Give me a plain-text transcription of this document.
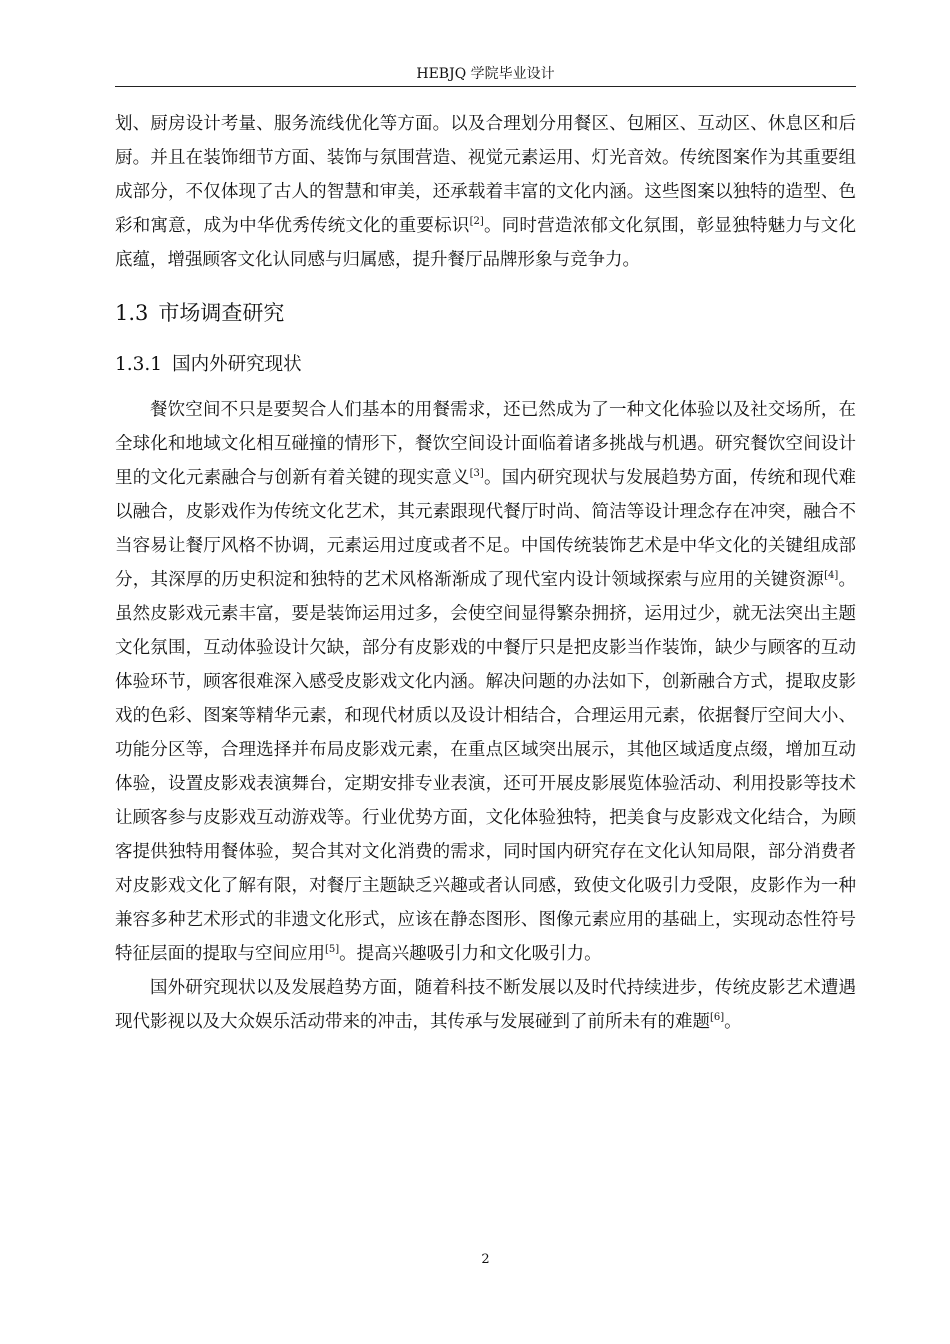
HEBJQ 学院毕业设计

划、厨房设计考量、服务流线优化等方面。以及合理划分用餐区、包厢区、互动区、休息区和后厨。并且在装饰细节方面、装饰与氛围营造、视觉元素运用、灯光音效。传统图案作为其重要组成部分，不仅体现了古人的智慧和审美，还承载着丰富的文化内涵。这些图案以独特的造型、色彩和寓意，成为中华优秀传统文化的重要标识[2]。同时营造浓郁文化氛围，彰显独特魅力与文化底蕴，增强顾客文化认同感与归属感，提升餐厅品牌形象与竞争力。

1.3 市场调查研究
1.3.1 国内外研究现状

餐饮空间不只是要契合人们基本的用餐需求，还已然成为了一种文化体验以及社交场所，在全球化和地域文化相互碰撞的情形下，餐饮空间设计面临着诸多挑战与机遇。研究餐饮空间设计里的文化元素融合与创新有着关键的现实意义[3]。国内研究现状与发展趋势方面，传统和现代难以融合，皮影戏作为传统文化艺术，其元素跟现代餐厅时尚、简洁等设计理念存在冲突，融合不当容易让餐厅风格不协调，元素运用过度或者不足。中国传统装饰艺术是中华文化的关键组成部分，其深厚的历史积淀和独特的艺术风格渐渐成了现代室内设计领域探索与应用的关键资源[4]。虽然皮影戏元素丰富，要是装饰运用过多，会使空间显得繁杂拥挤，运用过少，就无法突出主题文化氛围，互动体验设计欠缺，部分有皮影戏的中餐厅只是把皮影当作装饰，缺少与顾客的互动体验环节，顾客很难深入感受皮影戏文化内涵。解决问题的办法如下，创新融合方式，提取皮影戏的色彩、图案等精华元素，和现代材质以及设计相结合，合理运用元素，依据餐厅空间大小、功能分区等，合理选择并布局皮影戏元素，在重点区域突出展示，其他区域适度点缀，增加互动体验，设置皮影戏表演舞台，定期安排专业表演，还可开展皮影展览体验活动、利用投影等技术让顾客参与皮影戏互动游戏等。行业优势方面，文化体验独特，把美食与皮影戏文化结合，为顾客提供独特用餐体验，契合其对文化消费的需求，同时国内研究存在文化认知局限，部分消费者对皮影戏文化了解有限，对餐厅主题缺乏兴趣或者认同感，致使文化吸引力受限，皮影作为一种兼容多种艺术形式的非遗文化形式，应该在静态图形、图像元素应用的基础上，实现动态性符号特征层面的提取与空间应用[5]。提高兴趣吸引力和文化吸引力。

国外研究现状以及发展趋势方面，随着科技不断发展以及时代持续进步，传统皮影艺术遭遇现代影视以及大众娱乐活动带来的冲击，其传承与发展碰到了前所未有的难题[6]。

2
